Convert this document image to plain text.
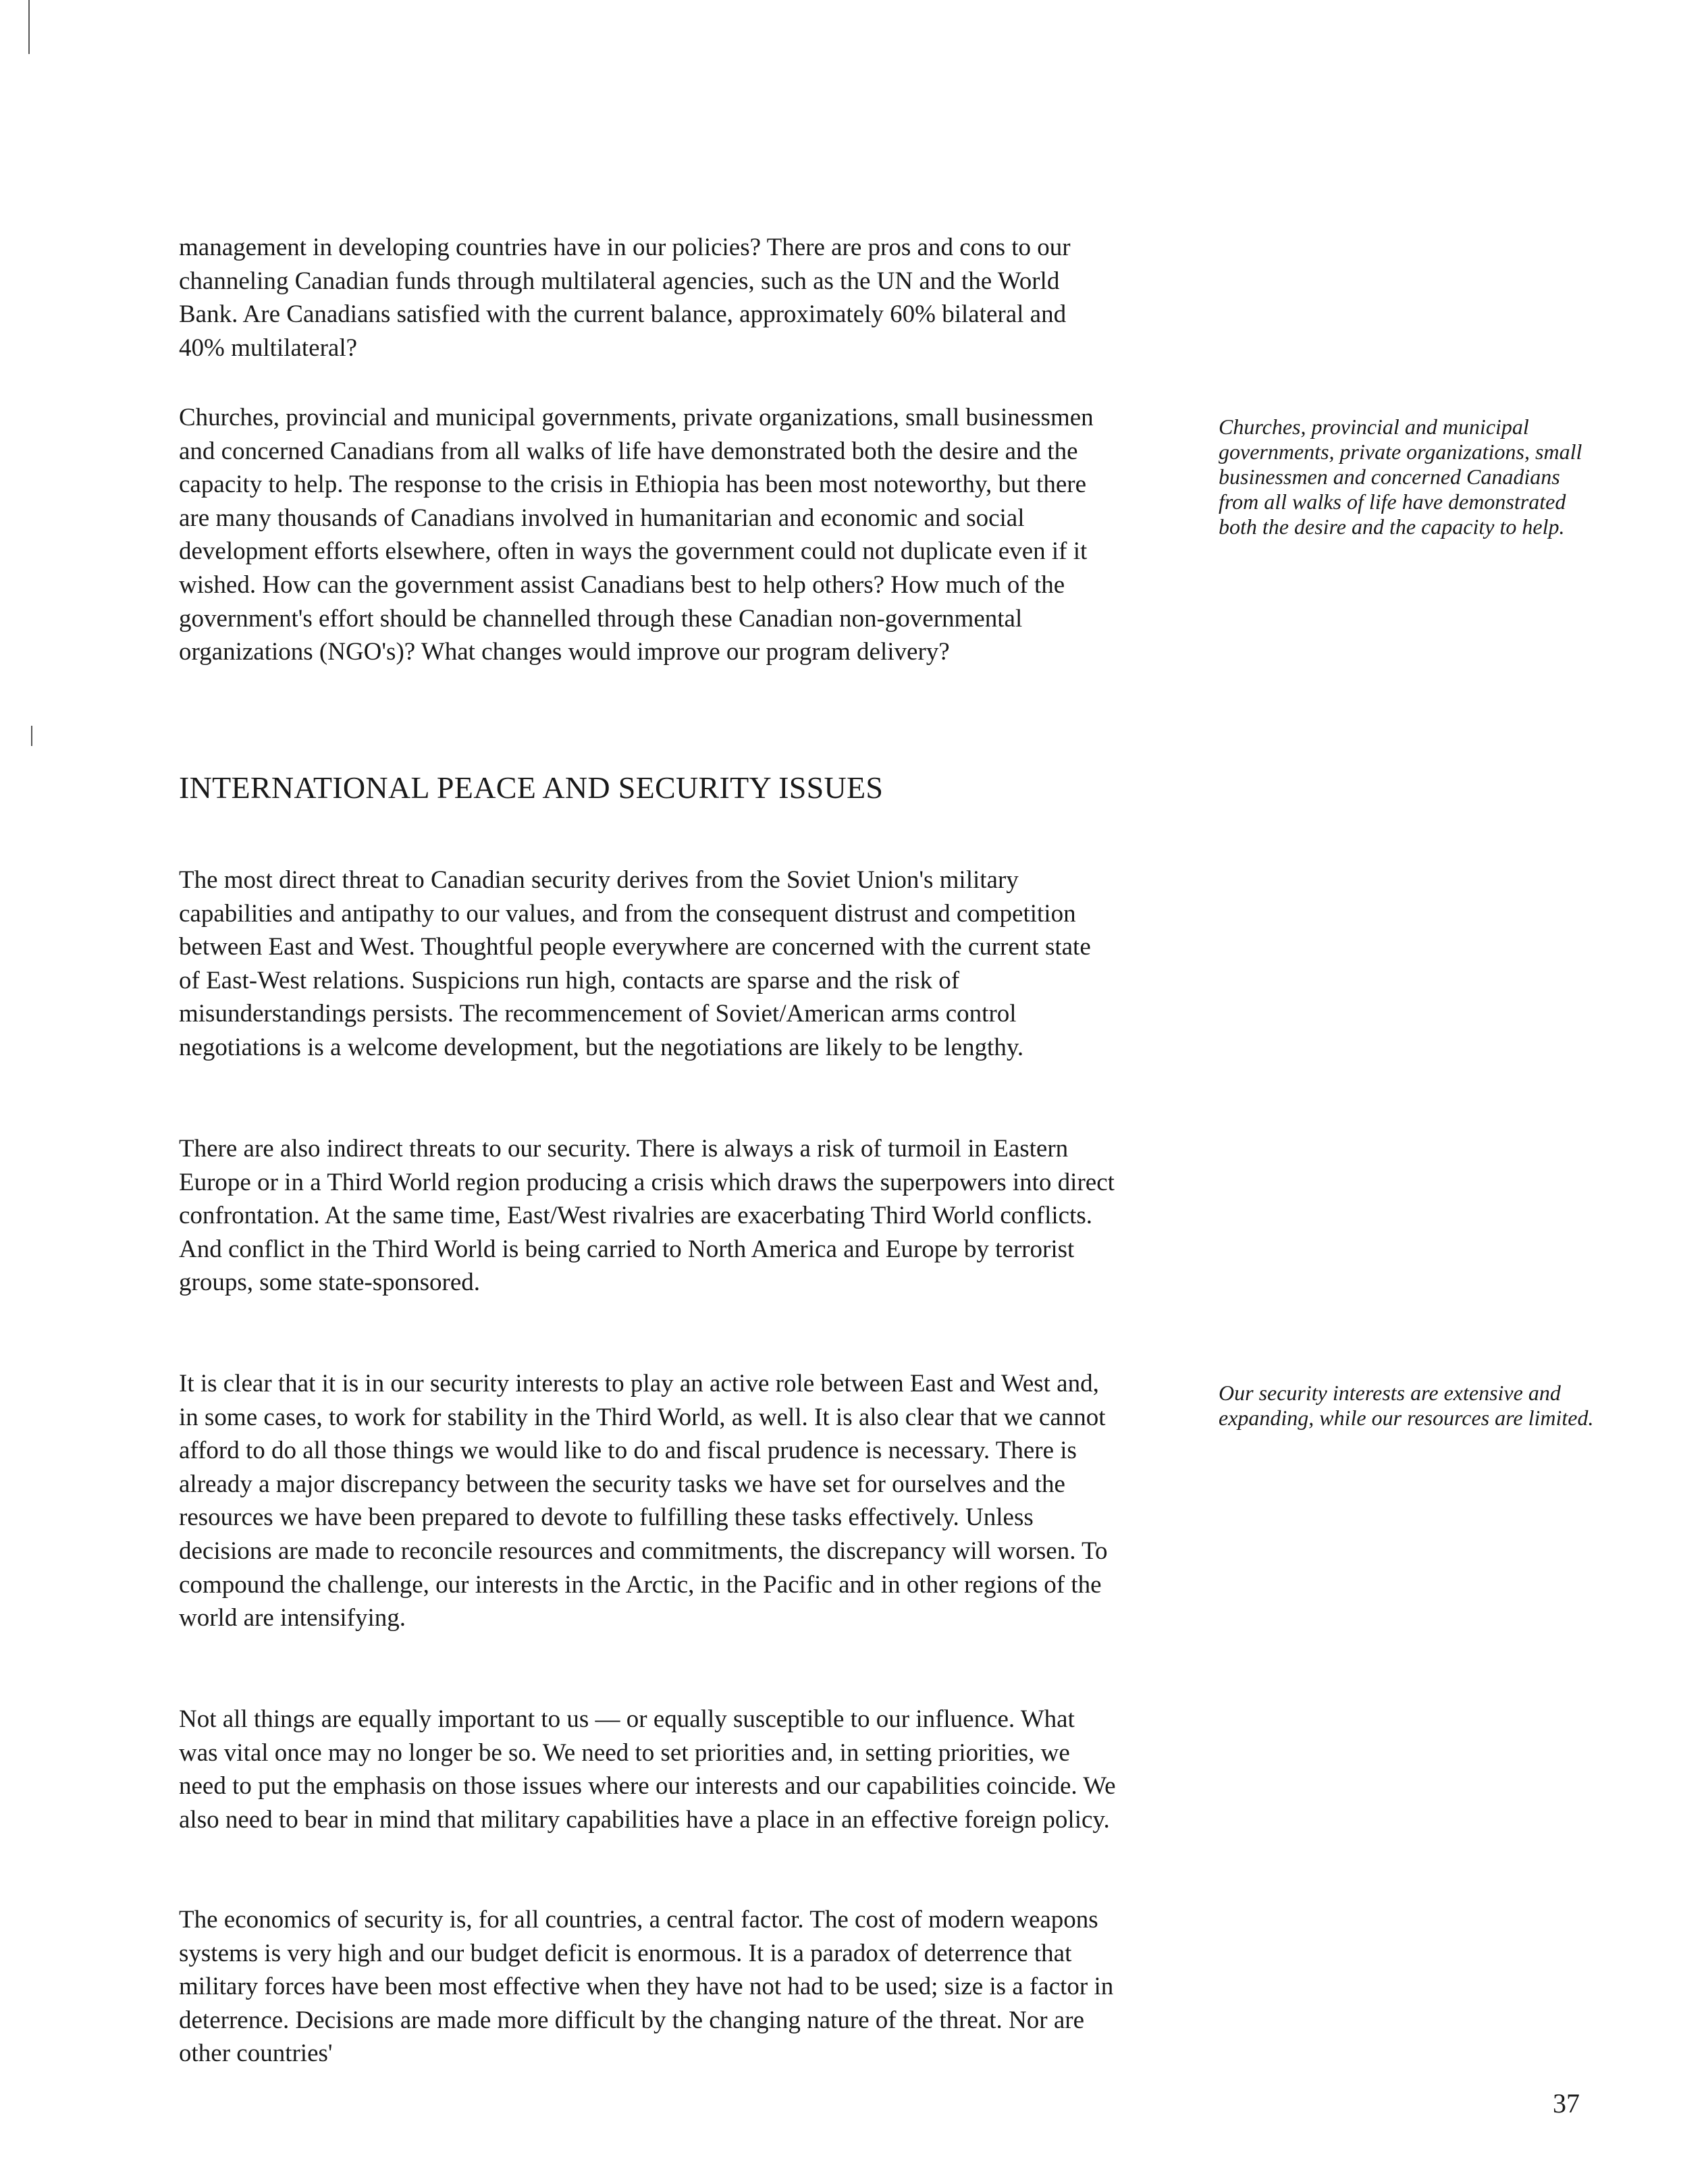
management in developing countries have in our policies? There are pros and cons to our channeling Canadian funds through multilateral agencies, such as the UN and the World Bank. Are Canadians satisfied with the current balance, approximately 60% bilateral and 40% multilateral?

Churches, provincial and municipal governments, private organizations, small businessmen and concerned Canadians from all walks of life have demonstrated both the desire and the capacity to help. The response to the crisis in Ethiopia has been most noteworthy, but there are many thousands of Canadians involved in humanitarian and economic and social development efforts elsewhere, often in ways the government could not duplicate even if it wished. How can the government assist Canadians best to help others? How much of the government's effort should be channelled through these Canadian non-governmental organizations (NGO's)? What changes would improve our program delivery?

Churches, provincial and municipal governments, private organizations, small businessmen and concerned Canadians from all walks of life have demonstrated both the desire and the capacity to help.

INTERNATIONAL PEACE AND SECURITY ISSUES

The most direct threat to Canadian security derives from the Soviet Union's military capabilities and antipathy to our values, and from the consequent distrust and competition between East and West. Thoughtful people everywhere are concerned with the current state of East-West relations. Suspicions run high, contacts are sparse and the risk of misunderstandings persists. The recommencement of Soviet/American arms control negotiations is a welcome development, but the negotiations are likely to be lengthy.

There are also indirect threats to our security. There is always a risk of turmoil in Eastern Europe or in a Third World region producing a crisis which draws the superpowers into direct confrontation. At the same time, East/West rivalries are exacerbating Third World conflicts. And conflict in the Third World is being carried to North America and Europe by terrorist groups, some state-sponsored.

It is clear that it is in our security interests to play an active role between East and West and, in some cases, to work for stability in the Third World, as well. It is also clear that we cannot afford to do all those things we would like to do and fiscal prudence is necessary. There is already a major discrepancy between the security tasks we have set for ourselves and the resources we have been prepared to devote to fulfilling these tasks effectively. Unless decisions are made to reconcile resources and commitments, the discrepancy will worsen. To compound the challenge, our interests in the Arctic, in the Pacific and in other regions of the world are intensifying.

Our security interests are extensive and expanding, while our resources are limited.

Not all things are equally important to us — or equally susceptible to our influence. What was vital once may no longer be so. We need to set priorities and, in setting priorities, we need to put the emphasis on those issues where our interests and our capabilities coincide. We also need to bear in mind that military capabilities have a place in an effective foreign policy.

The economics of security is, for all countries, a central factor. The cost of modern weapons systems is very high and our budget deficit is enormous. It is a paradox of deterrence that military forces have been most effective when they have not had to be used; size is a factor in deterrence. Decisions are made more difficult by the changing nature of the threat. Nor are other countries'

37
